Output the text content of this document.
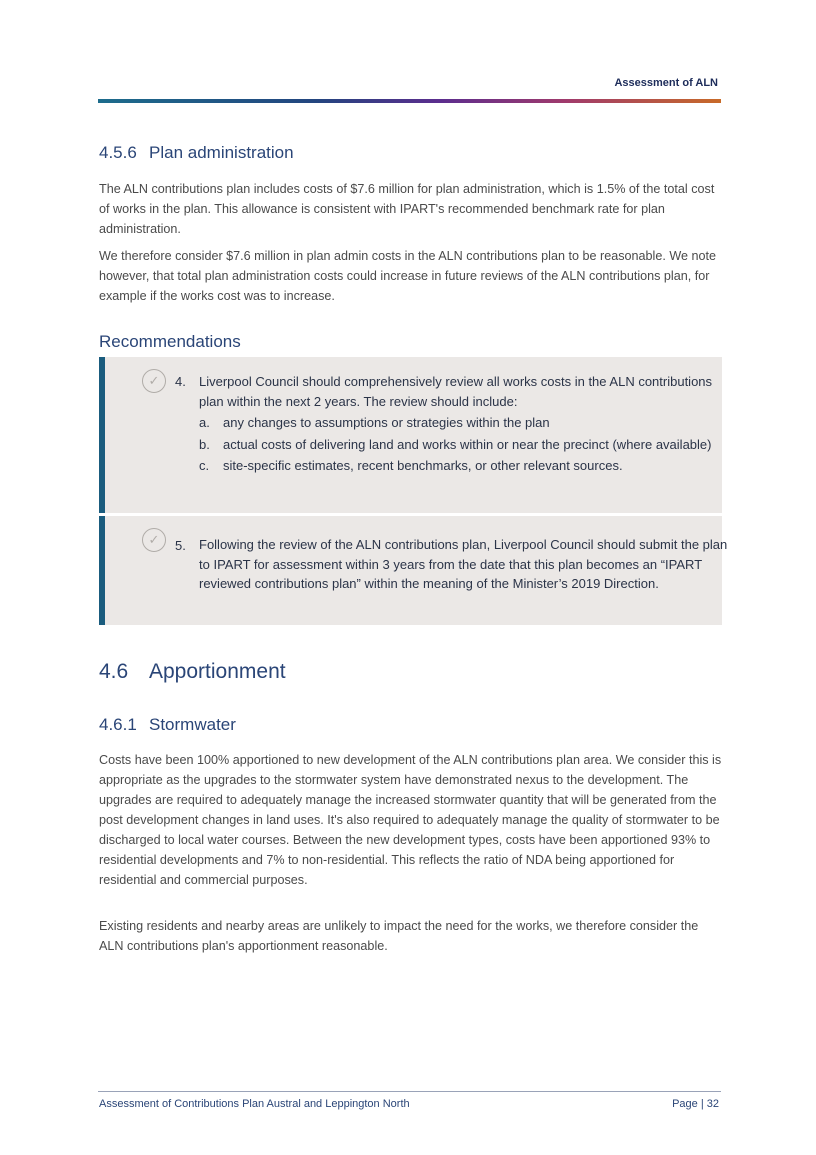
Assessment of ALN
4.5.6 Plan administration

The ALN contributions plan includes costs of $7.6 million for plan administration, which is 1.5% of the total cost of works in the plan. This allowance is consistent with IPART's recommended benchmark rate for plan administration.

We therefore consider $7.6 million in plan admin costs in the ALN contributions plan to be reasonable. We note however, that total plan administration costs could increase in future reviews of the ALN contributions plan, for example if the works cost was to increase.

Recommendations
✓	4. Liverpool Council should comprehensively review all works costs in the ALN contributions plan within the next 2 years. The review should include:
a. any changes to assumptions or strategies within the plan
b. actual costs of delivering land and works within or near the precinct (where available)
c. site-specific estimates, recent benchmarks, or other relevant sources.
✓	5. Following the review of the ALN contributions plan, Liverpool Council should submit the plan to IPART for assessment within 3 years from the date that this plan becomes an “IPART reviewed contributions plan” within the meaning of the Minister’s 2019 Direction.
4.6 Apportionment
4.6.1 Stormwater

Costs have been 100% apportioned to new development of the ALN contributions plan area. We consider this is appropriate as the upgrades to the stormwater system have demonstrated nexus to the development. The upgrades are required to adequately manage the increased stormwater quantity that will be generated from the post development changes in land uses. It's also required to adequately manage the quality of stormwater to be discharged to local water courses. Between the new development types, costs have been apportioned 93% to residential developments and 7% to non-residential. This reflects the ratio of NDA being apportioned for residential and commercial purposes.

Existing residents and nearby areas are unlikely to impact the need for the works, we therefore consider the ALN contributions plan's apportionment reasonable.

Assessment of Contributions Plan Austral and Leppington North	Page | 32
